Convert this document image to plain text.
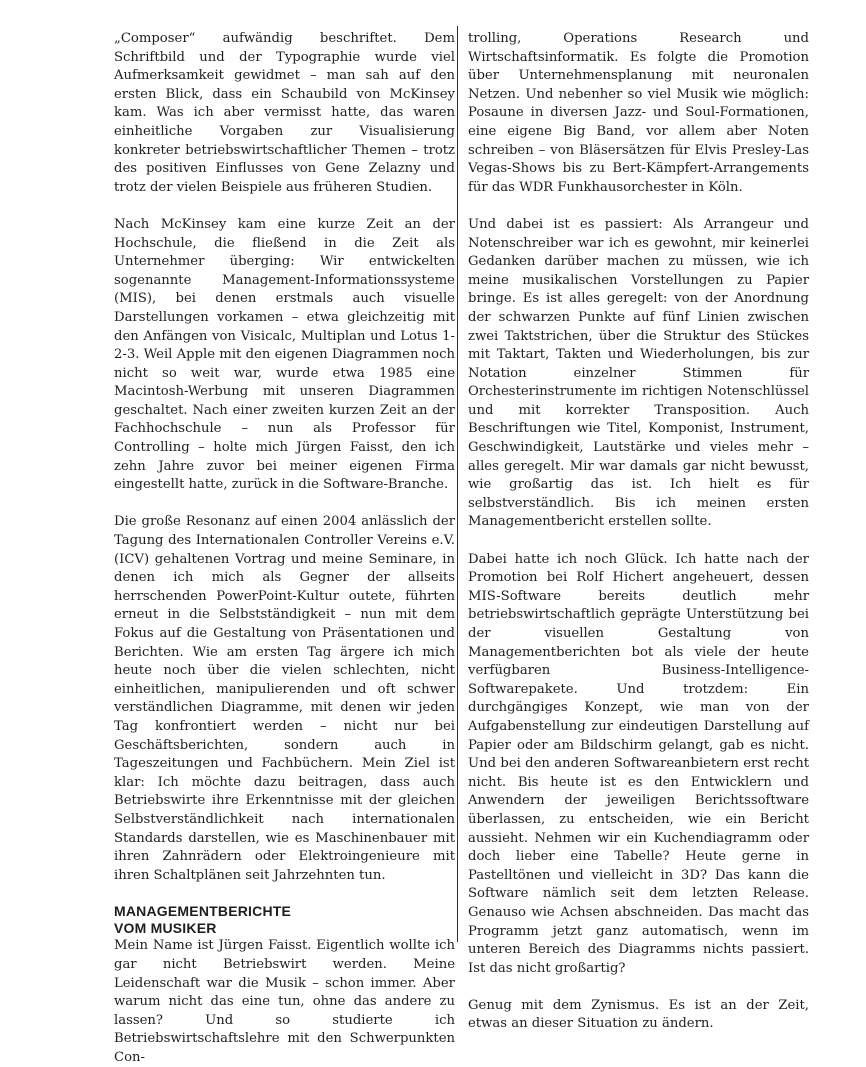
„Composer“ aufwändig beschriftet. Dem Schriftbild und der Typographie wurde viel Aufmerksamkeit gewidmet – man sah auf den ersten Blick, dass ein Schaubild von McKinsey kam. Was ich aber vermisst hatte, das waren einheitliche Vorgaben zur Visualisierung konkreter betriebswirtschaftlicher Themen – trotz des positiven Einflusses von Gene Zelazny und trotz der vielen Beispiele aus früheren Studien.

Nach McKinsey kam eine kurze Zeit an der Hochschule, die fließend in die Zeit als Unternehmer überging: Wir entwickelten sogenannte Management-Informationssysteme (MIS), bei denen erstmals auch visuelle Darstellungen vorkamen – etwa gleichzeitig mit den Anfängen von Visicalc, Multiplan und Lotus 1-2-3. Weil Apple mit den eigenen Diagrammen noch nicht so weit war, wurde etwa 1985 eine Macintosh-Werbung mit unseren Diagrammen geschaltet. Nach einer zweiten kurzen Zeit an der Fachhochschule – nun als Professor für Controlling – holte mich Jürgen Faisst, den ich zehn Jahre zuvor bei meiner eigenen Firma eingestellt hatte, zurück in die Software-Branche.

Die große Resonanz auf einen 2004 anlässlich der Tagung des Internationalen Controller Vereins e.V. (ICV) gehaltenen Vortrag und meine Seminare, in denen ich mich als Gegner der allseits herrschenden PowerPoint-Kultur outete, führten erneut in die Selbstständigkeit – nun mit dem Fokus auf die Gestaltung von Präsentationen und Berichten. Wie am ersten Tag ärgere ich mich heute noch über die vielen schlechten, nicht einheitlichen, manipulierenden und oft schwer verständlichen Diagramme, mit denen wir jeden Tag konfrontiert werden – nicht nur bei Geschäftsberichten, sondern auch in Tageszeitungen und Fachbüchern. Mein Ziel ist klar: Ich möchte dazu beitragen, dass auch Betriebswirte ihre Erkenntnisse mit der gleichen Selbstverständlichkeit nach internationalen Standards darstellen, wie es Maschinenbauer mit ihren Zahnrädern oder Elektroingenieure mit ihren Schaltplänen seit Jahrzehnten tun.

MANAGEMENTBERICHTE

VOM MUSIKER

Mein Name ist Jürgen Faisst. Eigentlich wollte ich gar nicht Betriebswirt werden. Meine Leidenschaft war die Musik – schon immer. Aber warum nicht das eine tun, ohne das andere zu lassen? Und so studierte ich Betriebswirtschaftslehre mit den Schwerpunkten Con-

trolling, Operations Research und Wirtschaftsinformatik. Es folgte die Promotion über Unternehmensplanung mit neuronalen Netzen. Und nebenher so viel Musik wie möglich: Posaune in diversen Jazz- und Soul-Formationen, eine eigene Big Band, vor allem aber Noten schreiben – von Bläsersätzen für Elvis Presley-Las Vegas-Shows bis zu Bert-Kämpfert-Arrangements für das WDR Funkhausorchester in Köln.

Und dabei ist es passiert: Als Arrangeur und Notenschreiber war ich es gewohnt, mir keinerlei Gedanken darüber machen zu müssen, wie ich meine musikalischen Vorstellungen zu Papier bringe. Es ist alles geregelt: von der Anordnung der schwarzen Punkte auf fünf Linien zwischen zwei Taktstrichen, über die Struktur des Stückes mit Taktart, Takten und Wiederholungen, bis zur Notation einzelner Stimmen für Orchesterinstrumente im richtigen Notenschlüssel und mit korrekter Transposition. Auch Beschriftungen wie Titel, Komponist, Instrument, Geschwindigkeit, Lautstärke und vieles mehr – alles geregelt. Mir war damals gar nicht bewusst, wie großartig das ist. Ich hielt es für selbstverständlich. Bis ich meinen ersten Managementbericht erstellen sollte.

Dabei hatte ich noch Glück. Ich hatte nach der Promotion bei Rolf Hichert angeheuert, dessen MIS-Software bereits deutlich mehr betriebswirtschaftlich geprägte Unterstützung bei der visuellen Gestaltung von Managementberichten bot als viele der heute verfügbaren Business-Intelligence-Softwarepakete. Und trotzdem: Ein durchgängiges Konzept, wie man von der Aufgabenstellung zur eindeutigen Darstellung auf Papier oder am Bildschirm gelangt, gab es nicht. Und bei den anderen Softwareanbietern erst recht nicht. Bis heute ist es den Entwicklern und Anwendern der jeweiligen Berichtssoftware überlassen, zu entscheiden, wie ein Bericht aussieht. Nehmen wir ein Kuchendiagramm oder doch lieber eine Tabelle? Heute gerne in Pastelltönen und vielleicht in 3D? Das kann die Software nämlich seit dem letzten Release. Genauso wie Achsen abschneiden. Das macht das Programm jetzt ganz automatisch, wenn im unteren Bereich des Diagramms nichts passiert. Ist das nicht großartig?

Genug mit dem Zynismus. Es ist an der Zeit, etwas an dieser Situation zu ändern.
